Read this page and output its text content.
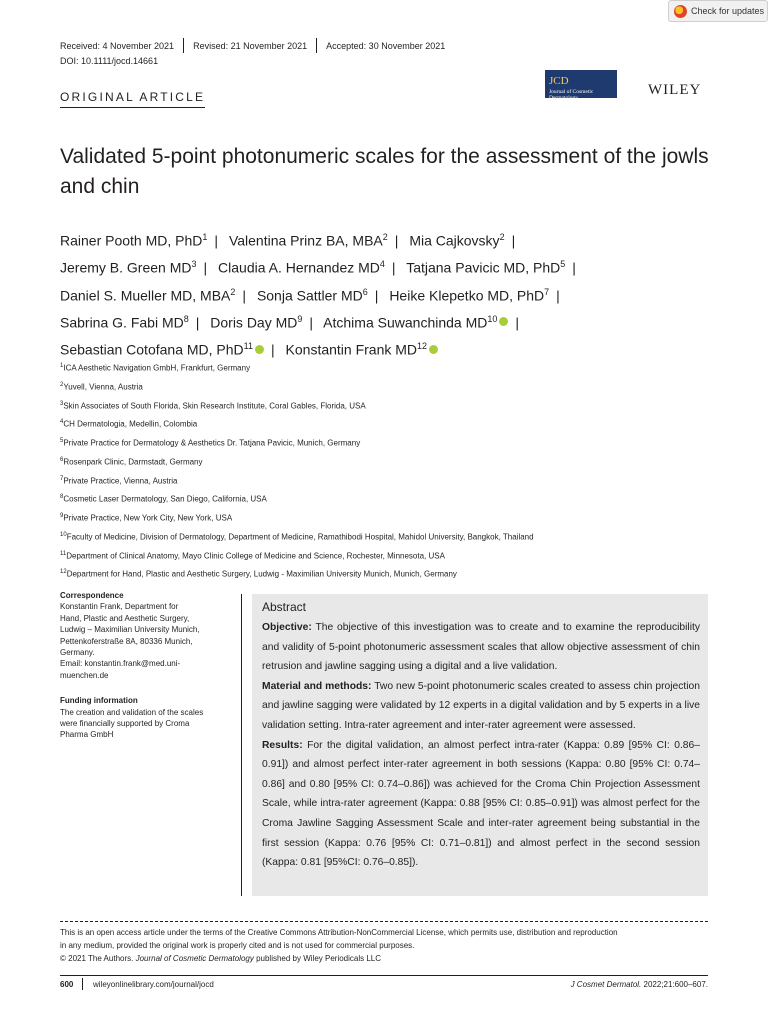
Check for updates
Received: 4 November 2021 Revised: 21 November 2021 Accepted: 30 November 2021
DOI: 10.1111/jocd.14661
ORIGINAL ARTICLE
JCD
Journal of Cosmetic Dermatology	WILEY
Validated 5-point photonumeric scales for the assessment of the jowls and chin
Rainer Pooth MD, PhD$^1$ |  Valentina Prinz BA, MBA$^2$ |  Mia Cajkovsky$^2$ | 
Jeremy B. Green $MD^3$ |  Claudia A. Hernandez $MD^4$ |  Tatjana Pavicic MD, PhD$^5$ | 
Daniel S. Mueller MD, MBA$^2$ |  Sonja Sattler $MD^6$ |  Heike Klepetko MD, PhD$^7$ | 
Sabrina G. Fabi $MD^8$ |  Doris Day $MD^9$ |  Atchima Suwanchinda MD$^{10}$ | 
Sebastian Cotofana MD, PhD$^{11}$ |  Konstantin Frank MD$^{12}$
$^1$ICA Aesthetic Navigation GmbH, Frankfurt, Germany
$^2$Yuvell, Vienna, Austria
$^3$Skin Associates of South Florida, Skin Research Institute, Coral Gables, Florida, USA
$^4$CH Dermatologia, Medellin, Colombia
$^5$Private Practice for Dermatology & Aesthetics Dr. Tatjana Pavicic, Munich, Germany
$^6$Rosenpark Clinic, Darmstadt, Germany
$^7$Private Practice, Vienna, Austria
$^8$Cosmetic Laser Dermatology, San Diego, California, USA
$^9$Private Practice, New York City, New York, USA
$^{10}$Faculty of Medicine, Division of Dermatology, Department of Medicine, Ramathibodi Hospital, Mahidol University, Bangkok, Thailand
$^{11}$Department of Clinical Anatomy, Mayo Clinic College of Medicine and Science, Rochester, Minnesota, USA
$^{12}$Department for Hand, Plastic and Aesthetic Surgery, Ludwig - Maximilian University Munich, Munich, Germany
Correspondence

Konstantin Frank, Department for

Hand, Plastic and Aesthetic Surgery,

Ludwig – Maximilian University Munich,

Pettenkoferstraße 8A, 80336 Munich,

Germany.

Email: konstantin.frank@med.uni-

muenchen.de

Funding information

The creation and validation of the scales

were financially supported by Croma

Pharma GmbH

Abstract

Objective: The objective of this investigation was to create and to examine the reproducibility and validity of 5-point photonumeric assessment scales that allow objective assessment of chin retrusion and jawline sagging using a digital and a live validation.

Material and methods: Two new 5-point photonumeric scales created to assess chin projection and jawline sagging were validated by 12 experts in a digital validation and by 5 experts in a live validation setting. Intra-rater agreement and inter-rater agreement were assessed.

Results: For the digital validation, an almost perfect intra-rater (Kappa: 0.89 [95% CI: 0.86–0.91]) and almost perfect inter-rater agreement in both sessions (Kappa: 0.80 [95% CI: 0.74–0.86] and 0.80 [95% CI: 0.74–0.86]) was achieved for the Croma Chin Projection Assessment Scale, while intra-rater agreement (Kappa: 0.88 [95% CI: 0.85–0.91]) was almost perfect for the Croma Jawline Sagging Assessment Scale and inter-rater agreement being substantial in the first session (Kappa: 0.76 [95% CI: 0.71–0.81]) and almost perfect in the second session (Kappa: 0.81 [95%CI: 0.76–0.85]).

This is an open access article under the terms of the Creative Commons Attribution-NonCommercial License, which permits use, distribution and reproduction
in any medium, provided the original work is properly cited and is not used for commercial purposes.
© 2021 The Authors. Journal of Cosmetic Dermatology published by Wiley Periodicals LLC
600 wileyonlinelibrary.com/journal/jocd	J Cosmet Dermatol. 2022;21:600–607.
